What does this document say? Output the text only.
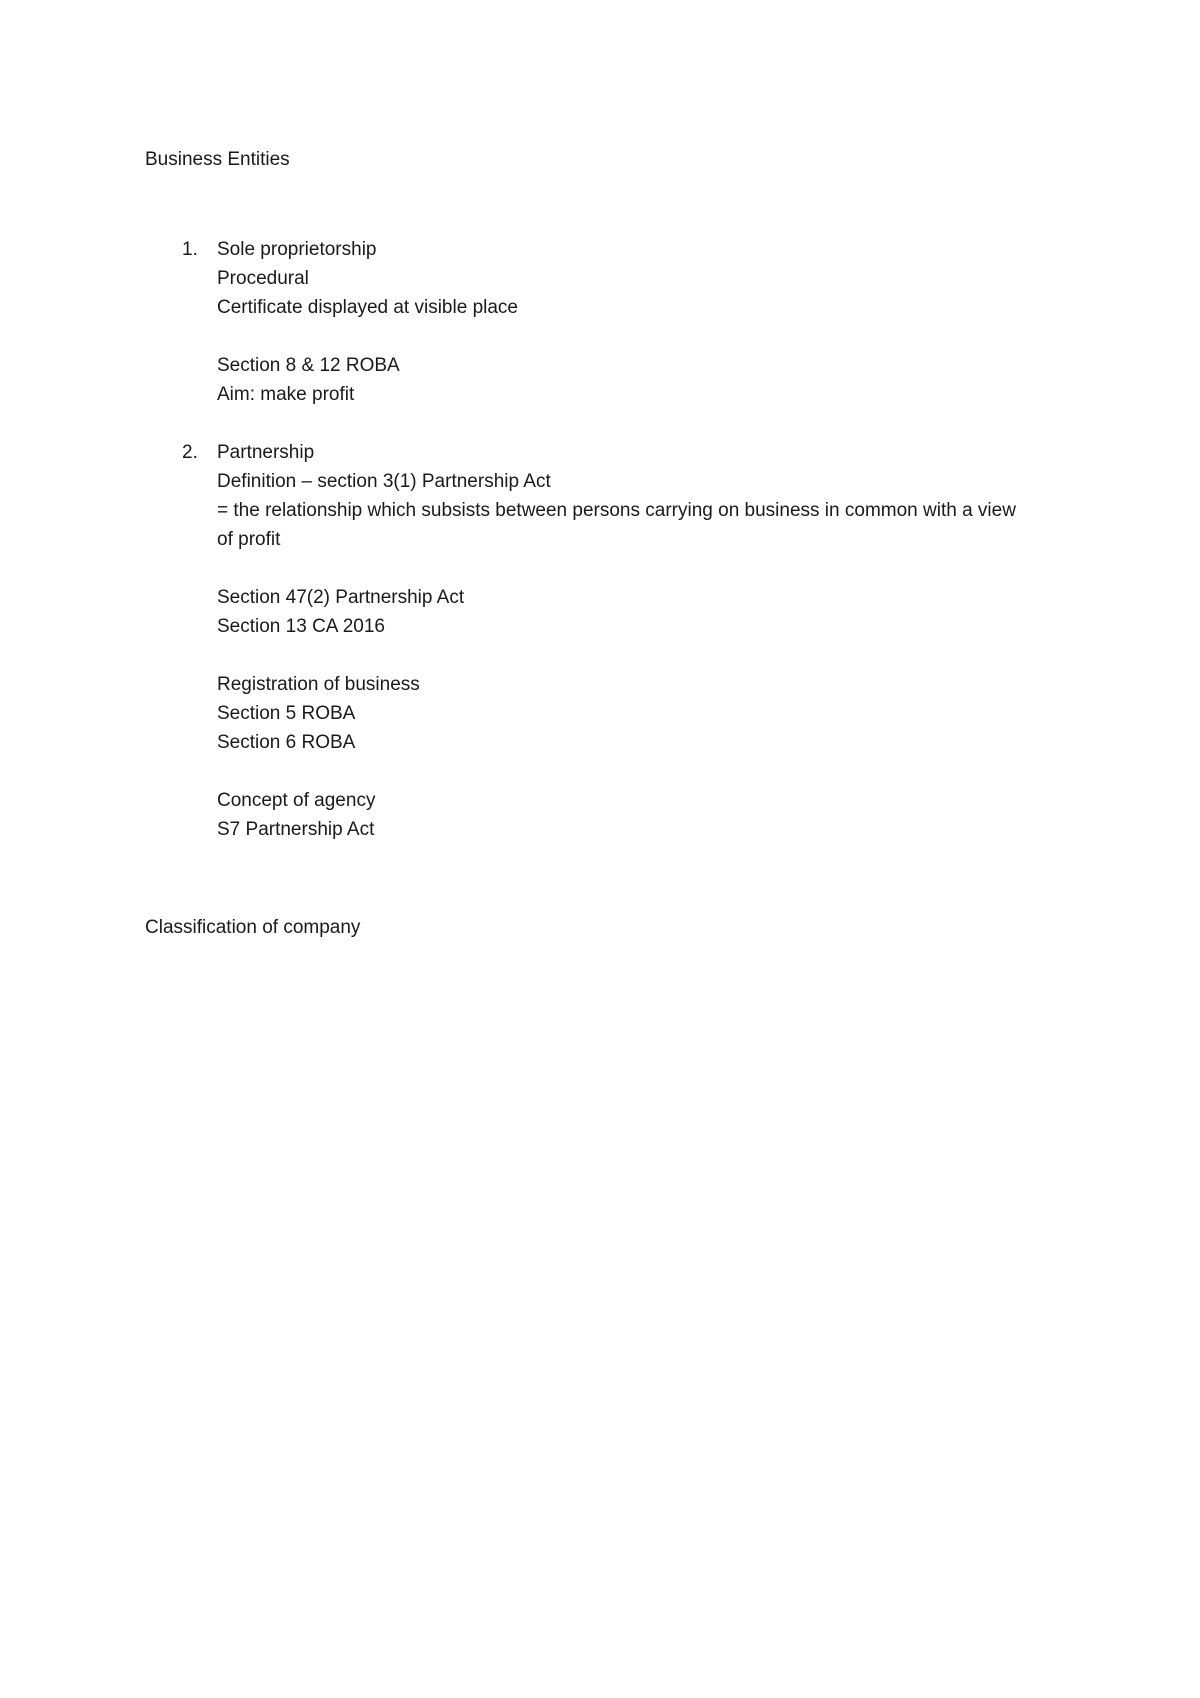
Business Entities
1.	Sole proprietorship
Procedural
Certificate displayed at visible place
Section 8 & 12 ROBA
Aim: make profit
2.	Partnership
Definition – section 3(1) Partnership Act
= the relationship which subsists between persons carrying on business in common with a view of profit
Section 47(2) Partnership Act
Section 13 CA 2016
Registration of business
Section 5 ROBA
Section 6 ROBA
Concept of agency
S7 Partnership Act
Classification of company
